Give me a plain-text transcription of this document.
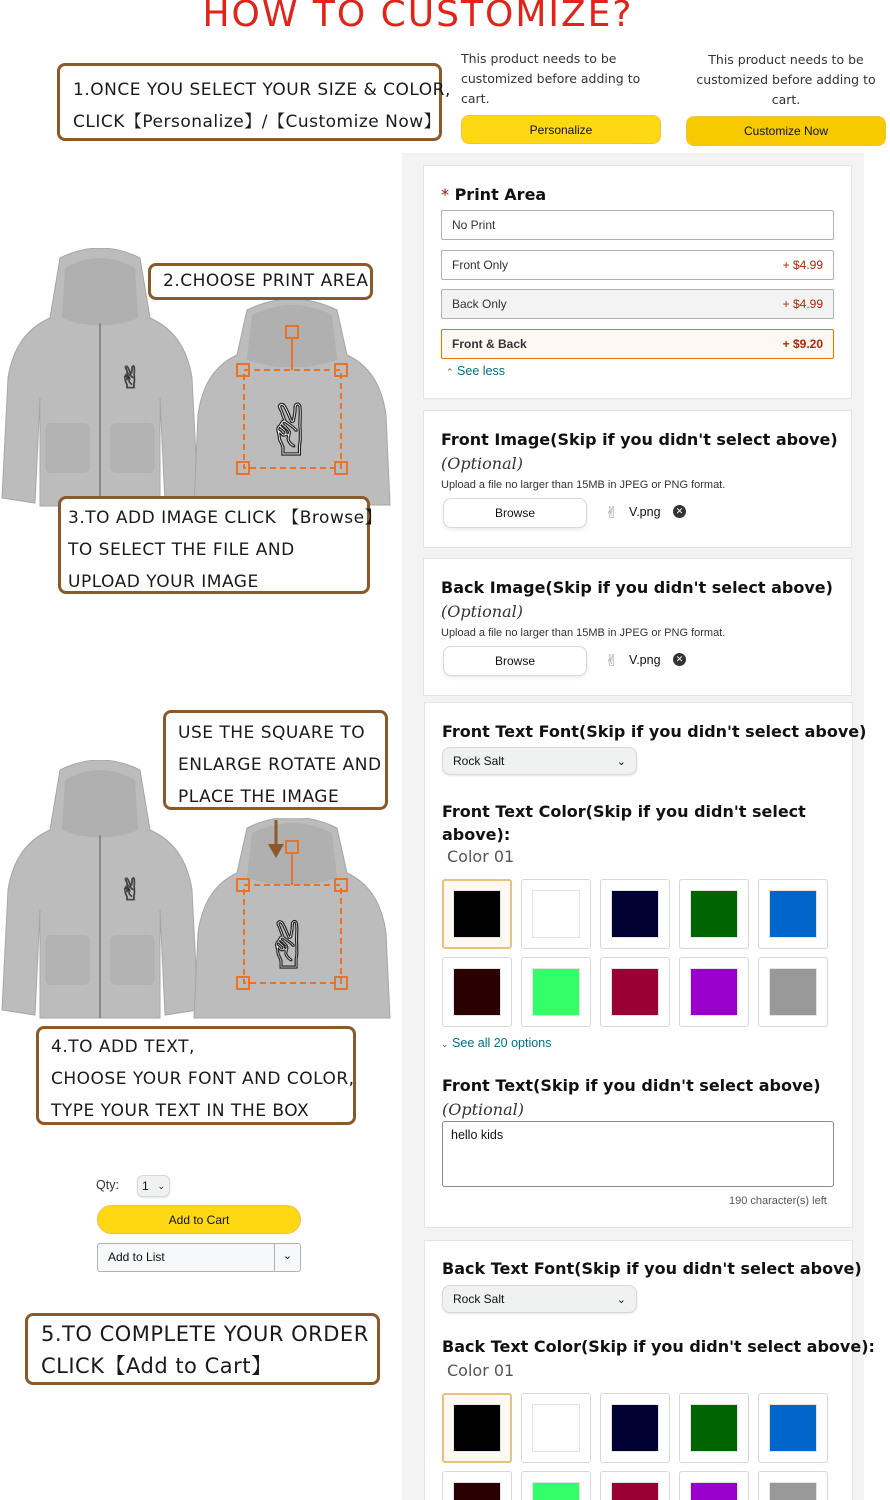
HOW TO CUSTOMIZE?
1.ONCE YOU SELECT YOUR SIZE & COLOR,
CLICK【Personalize】/【Customize Now】
This product needs to be customized before adding to cart.
This product needs to be customized before adding to cart.
Personalize	Customize Now
* Print Area
No Print
Front Only	+ $4.99
Back Only	+ $4.99
Front & Back	+ $9.20
⌃ See less
Front Image(Skip if you didn't select above)
(Optional)
Upload a file no larger than 15MB in JPEG or PNG format.
Browse	✌ V.png	✕
Back Image(Skip if you didn't select above)
(Optional)
Upload a file no larger than 15MB in JPEG or PNG format.
Browse	✌ V.png	✕
Front Text Font(Skip if you didn't select above)
Rock Salt	⌄
Front Text Color(Skip if you didn't select
above):
Color 01
⌄ See all 20 options
Front Text(Skip if you didn't select above)
(Optional)
hello kids
190 character(s) left
Back Text Font(Skip if you didn't select above)
Rock Salt	⌄
Back Text Color(Skip if you didn't select above):
Color 01
✌
✌
2.CHOOSE PRINT AREA
3.TO ADD IMAGE CLICK 【Browse】
TO SELECT THE FILE AND
UPLOAD YOUR IMAGE
USE THE SQUARE TO
ENLARGE ROTATE AND
PLACE THE IMAGE
✌
✌
4.TO ADD TEXT,
CHOOSE YOUR FONT AND COLOR,
TYPE YOUR TEXT IN THE BOX
Qty: 1 ⌄
Add to Cart
Add to List	⌄
5.TO COMPLETE YOUR ORDER
CLICK【Add to Cart】
